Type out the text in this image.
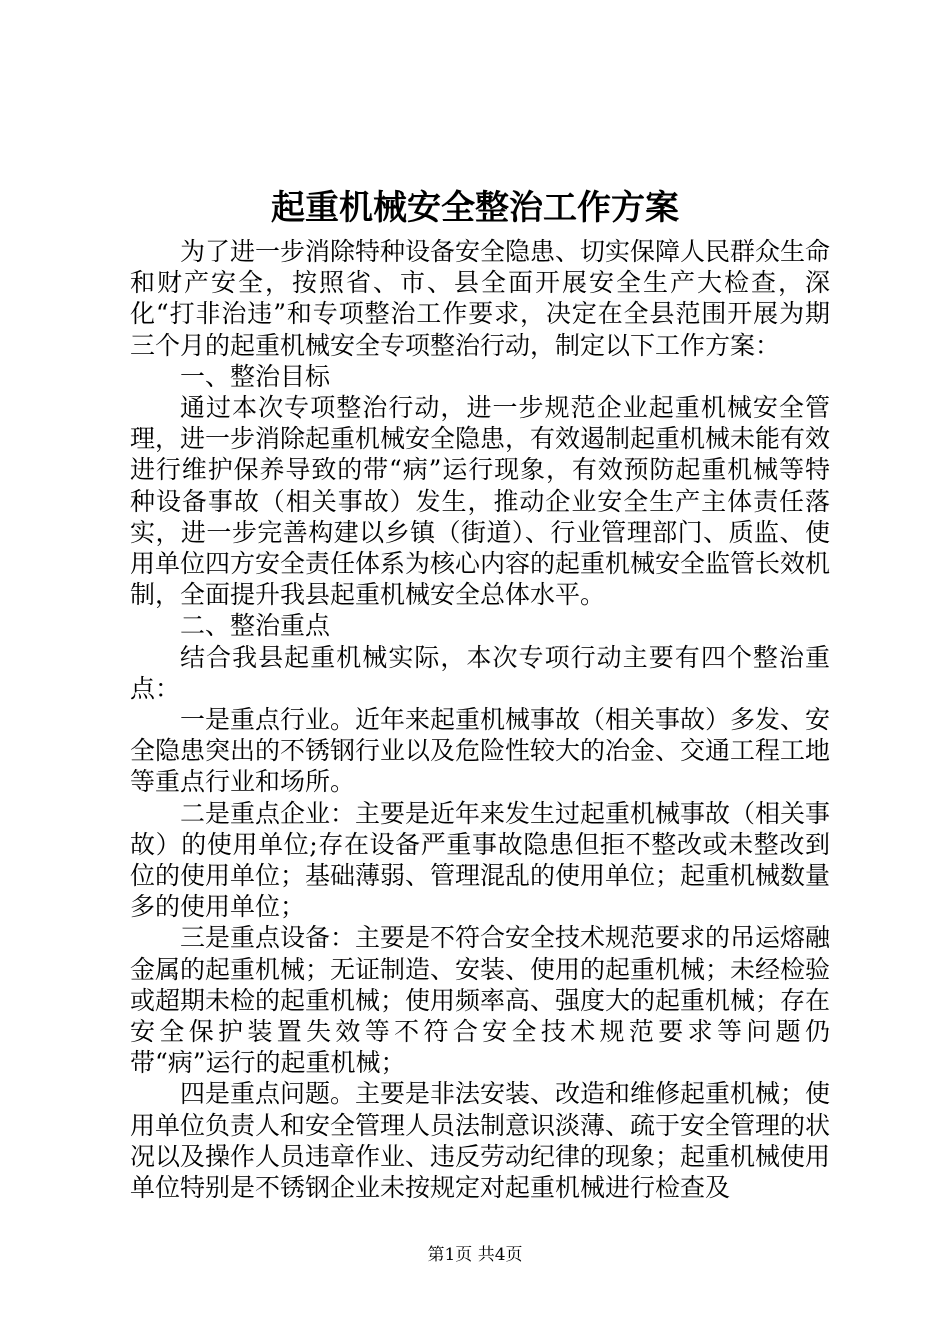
起重机械安全整治工作方案

为了进一步消除特种设备安全隐患、切实保障人民群众生命和财产安全，按照省、市、县全面开展安全生产大检查，深化“打非治违”和专项整治工作要求，决定在全县范围开展为期三个月的起重机械安全专项整治行动，制定以下工作方案：

一、整治目标

通过本次专项整治行动，进一步规范企业起重机械安全管理，进一步消除起重机械安全隐患，有效遏制起重机械未能有效进行维护保养导致的带“病”运行现象，有效预防起重机械等特种设备事故（相关事故）发生，推动企业安全生产主体责任落实，进一步完善构建以乡镇（街道）、行业管理部门、质监、使用单位四方安全责任体系为核心内容的起重机械安全监管长效机制，全面提升我县起重机械安全总体水平。

二、整治重点

结合我县起重机械实际，本次专项行动主要有四个整治重点：

一是重点行业。近年来起重机械事故（相关事故）多发、安全隐患突出的不锈钢行业以及危险性较大的冶金、交通工程工地等重点行业和场所。

二是重点企业：主要是近年来发生过起重机械事故（相关事故）的使用单位;存在设备严重事故隐患但拒不整改或未整改到位的使用单位；基础薄弱、管理混乱的使用单位；起重机械数量多的使用单位；

三是重点设备：主要是不符合安全技术规范要求的吊运熔融金属的起重机械；无证制造、安装、使用的起重机械；未经检验或超期未检的起重机械；使用频率高、强度大的起重机械；存在安全保护装置失效等不符合安全技术规范要求等问题仍带“病”运行的起重机械；

四是重点问题。主要是非法安装、改造和维修起重机械；使用单位负责人和安全管理人员法制意识淡薄、疏于安全管理的状况以及操作人员违章作业、违反劳动纪律的现象；起重机械使用单位特别是不锈钢企业未按规定对起重机械进行检查及

第1页 共4页
